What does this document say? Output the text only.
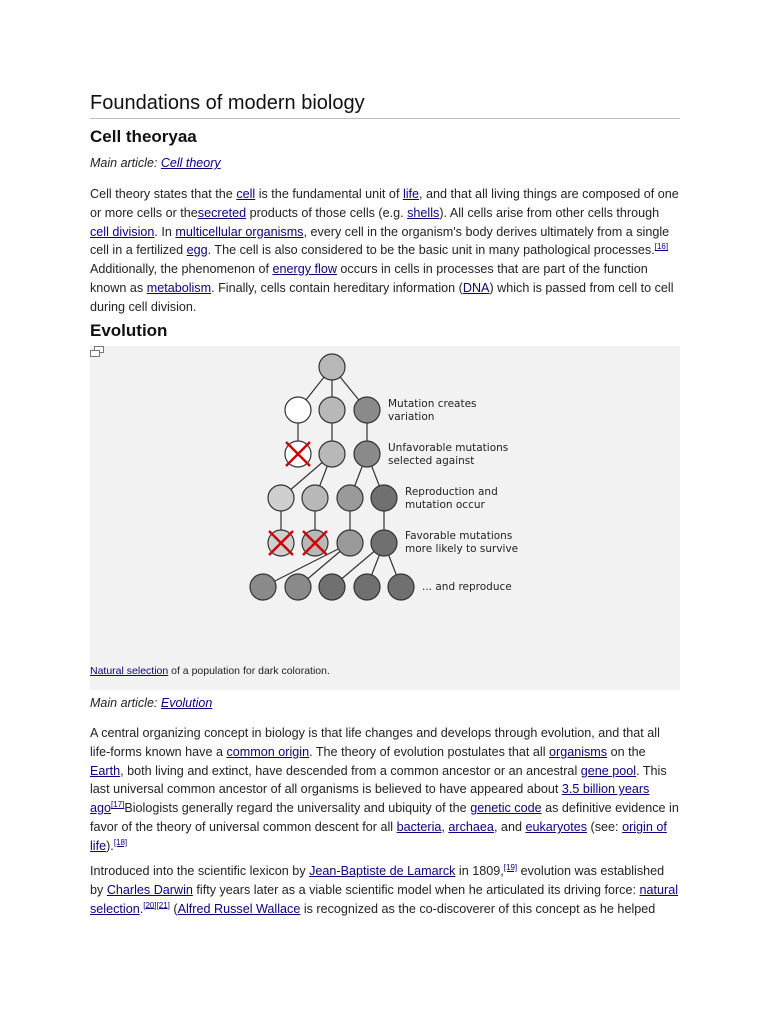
Foundations of modern biology
Cell theoryaa
Main article: Cell theory

Cell theory states that the cell is the fundamental unit of life, and that all living things are composed of one or more cells or thesecreted products of those cells (e.g. shells). All cells arise from other cells through cell division. In multicellular organisms, every cell in the organism's body derives ultimately from a single cell in a fertilized egg. The cell is also considered to be the basic unit in many pathological processes.[16] Additionally, the phenomenon of energy flow occurs in cells in processes that are part of the function known as metabolism. Finally, cells contain hereditary information (DNA) which is passed from cell to cell during cell division.

Evolution
Mutation creates
variation
Unfavorable mutations
selected against
Reproduction and
mutation occur
Favorable mutations
more likely to survive
... and reproduce
Natural selection of a population for dark coloration.
Main article: Evolution

A central organizing concept in biology is that life changes and develops through evolution, and that all life-forms known have a common origin. The theory of evolution postulates that all organisms on the Earth, both living and extinct, have descended from a common ancestor or an ancestral gene pool. This last universal common ancestor of all organisms is believed to have appeared about 3.5 billion years ago[17]Biologists generally regard the universality and ubiquity of the genetic code as definitive evidence in favor of the theory of universal common descent for all bacteria, archaea, and eukaryotes (see: origin of life).[18]

Introduced into the scientific lexicon by Jean-Baptiste de Lamarck in 1809,[19] evolution was established by Charles Darwin fifty years later as a viable scientific model when he articulated its driving force: natural selection.[20][21] (Alfred Russel Wallace is recognized as the co-discoverer of this concept as he helped
